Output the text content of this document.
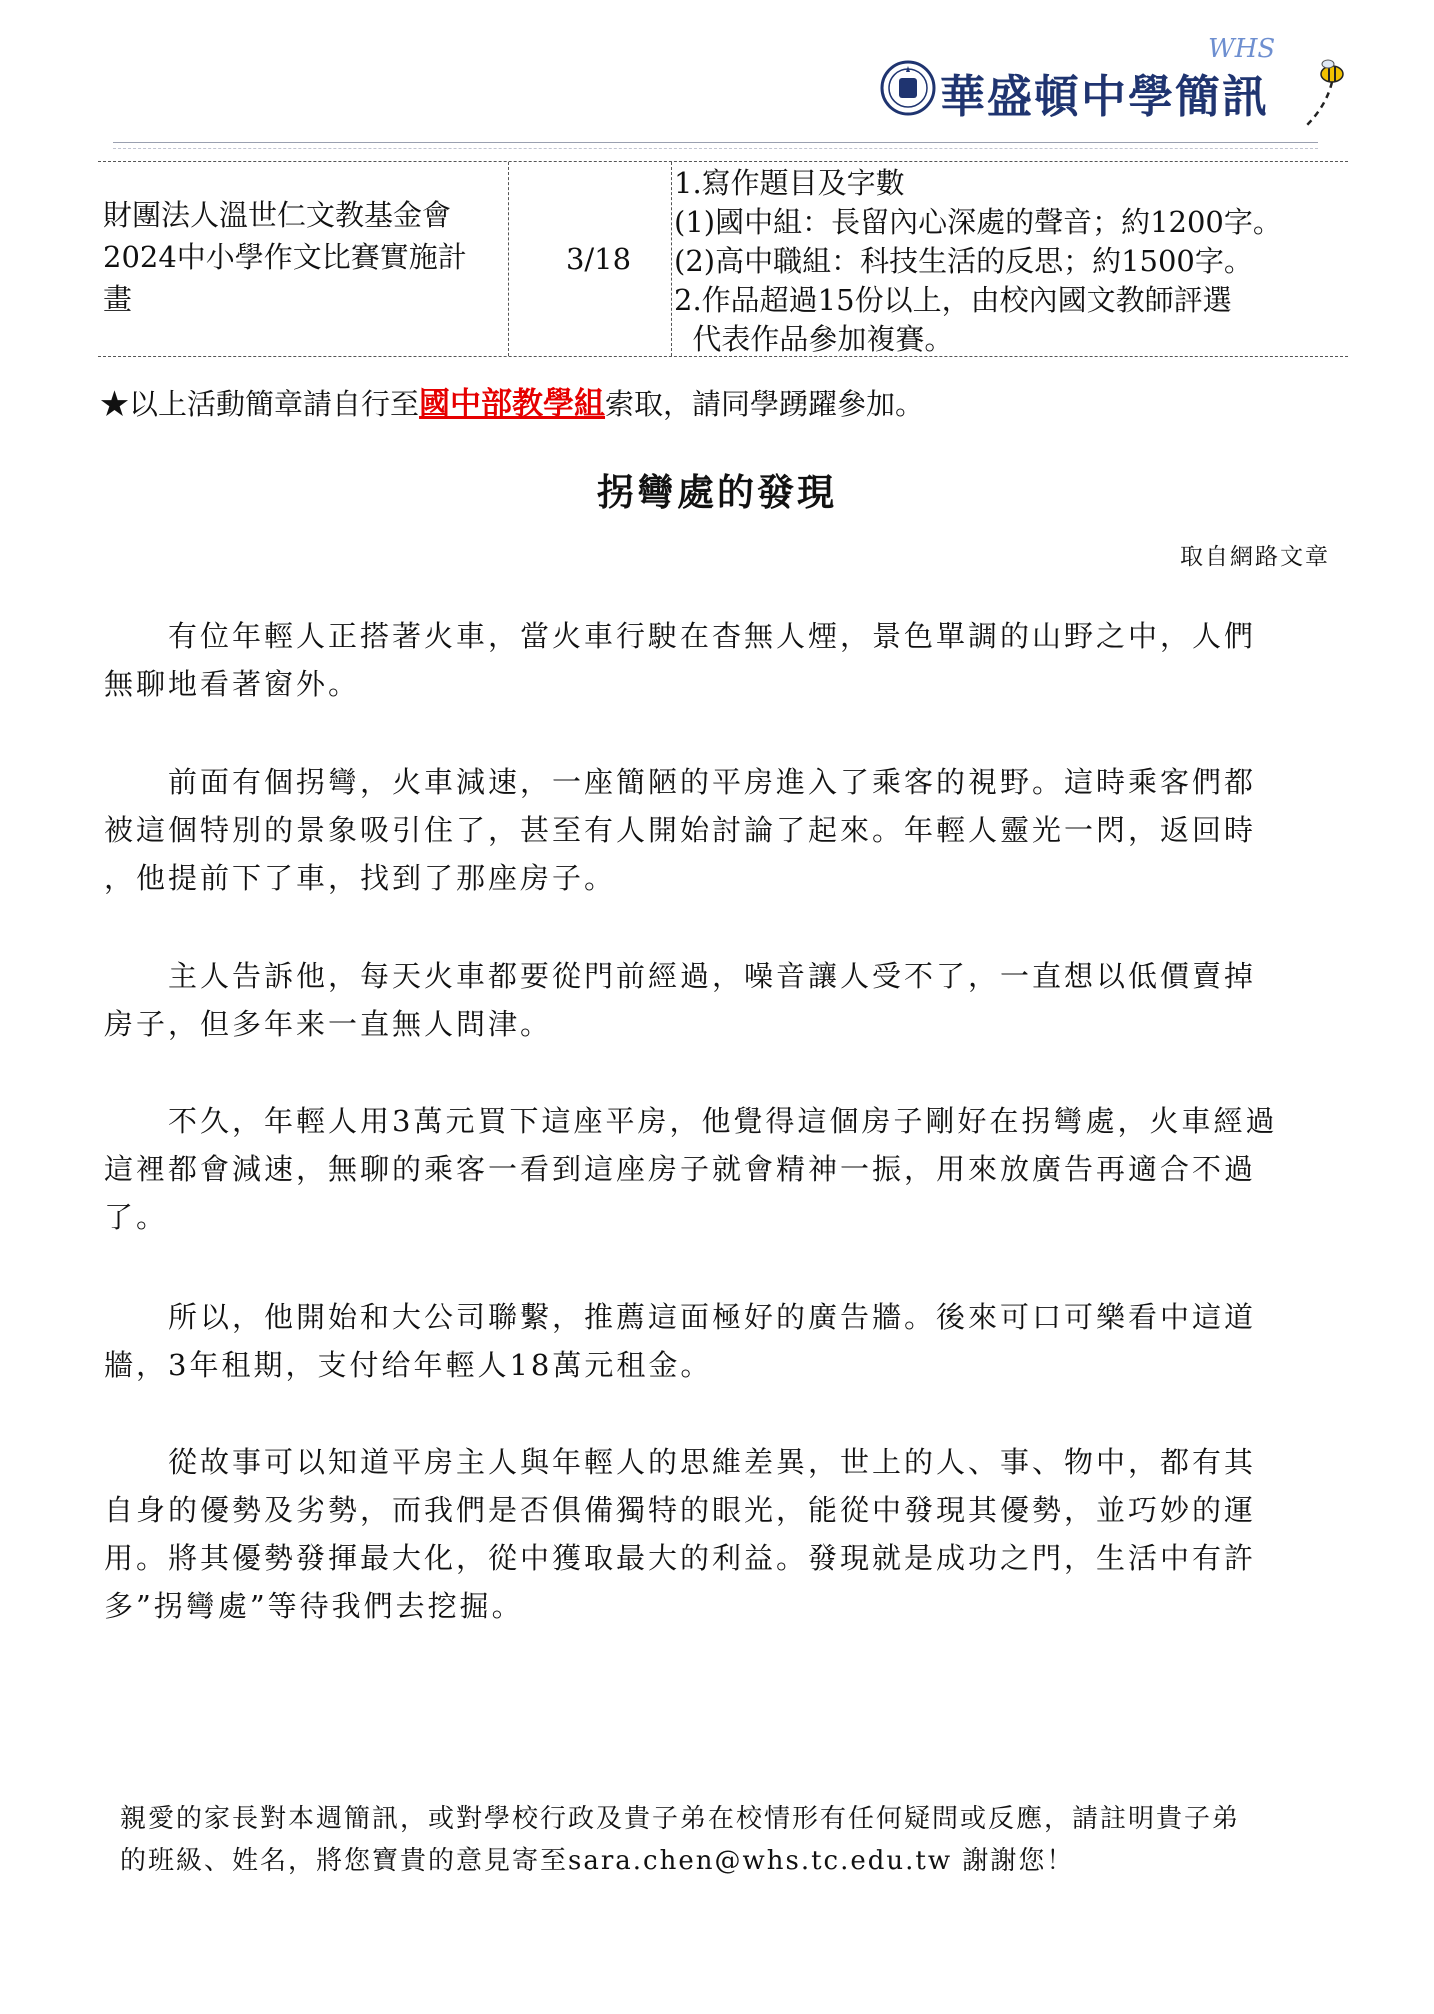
華盛頓中學簡訊
WHS
財團法人溫世仁文教基金會
2024中小學作文比賽實施計
畫
3/18
1.寫作題目及字數
(1)國中組：長留內心深處的聲音；約1200字。
(2)高中職組：科技生活的反思；約1500字。
2.作品超過15份以上，由校內國文教師評選
代表作品參加複賽。
★以上活動簡章請自行至國中部教學組索取，請同學踴躍參加。
拐彎處的發現
取自網路文章
　　有位年輕人正搭著火車，當火車行駛在杳無人煙，景色單調的山野之中，人們
無聊地看著窗外。
　　前面有個拐彎，火車減速，一座簡陋的平房進入了乘客的視野。這時乘客們都
被這個特別的景象吸引住了，甚至有人開始討論了起來。年輕人靈光一閃，返回時
，他提前下了車，找到了那座房子。
　　主人告訴他，每天火車都要從門前經過，噪音讓人受不了，一直想以低價賣掉
房子，但多年来一直無人問津。
　　不久，年輕人用3萬元買下這座平房，他覺得這個房子剛好在拐彎處，火車經過
這裡都會減速，無聊的乘客一看到這座房子就會精神一振，用來放廣告再適合不過
了。
　　所以，他開始和大公司聯繫，推薦這面極好的廣告牆。後來可口可樂看中這道
牆，3年租期，支付给年輕人18萬元租金。
　　從故事可以知道平房主人與年輕人的思維差異，世上的人、事、物中，都有其
自身的優勢及劣勢，而我們是否俱備獨特的眼光，能從中發現其優勢，並巧妙的運
用。將其優勢發揮最大化，從中獲取最大的利益。發現就是成功之門，生活中有許
多”拐彎處”等待我們去挖掘。
親愛的家長對本週簡訊，或對學校行政及貴子弟在校情形有任何疑問或反應，請註明貴子弟
的班級、姓名，將您寶貴的意見寄至sara.chen@whs.tc.edu.tw 謝謝您！
